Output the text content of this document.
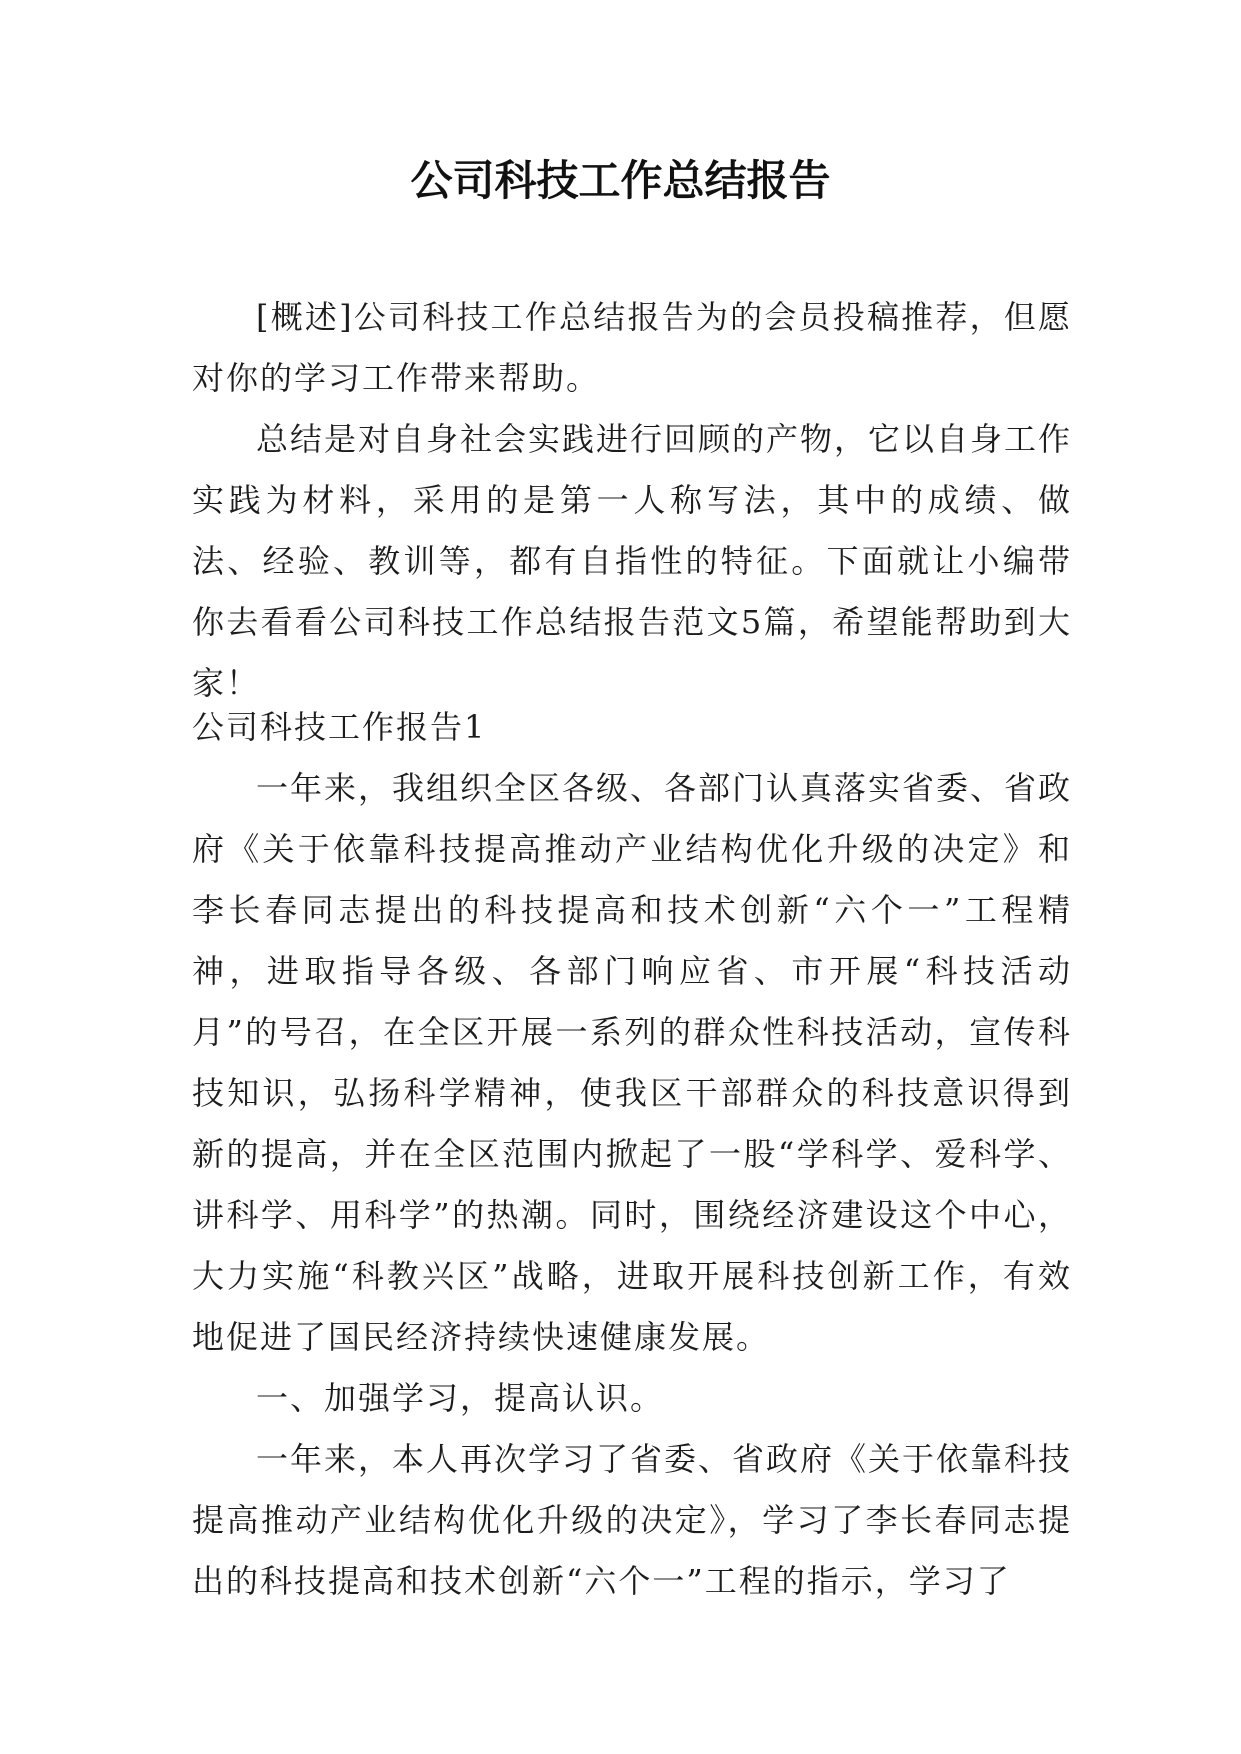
公司科技工作总结报告

[概述]公司科技工作总结报告为的会员投稿推荐，但愿对你的学习工作带来帮助。

总结是对自身社会实践进行回顾的产物，它以自身工作实践为材料，采用的是第一人称写法，其中的成绩、做法、经验、教训等，都有自指性的特征。下面就让小编带你去看看公司科技工作总结报告范文5篇，希望能帮助到大家！

公司科技工作报告1

一年来，我组织全区各级、各部门认真落实省委、省政府《关于依靠科技提高推动产业结构优化升级的决定》和李长春同志提出的科技提高和技术创新“六个一”工程精神，进取指导各级、各部门响应省、市开展“科技活动月”的号召，在全区开展一系列的群众性科技活动，宣传科技知识，弘扬科学精神，使我区干部群众的科技意识得到新的提高，并在全区范围内掀起了一股“学科学、爱科学、讲科学、用科学”的热潮。同时，围绕经济建设这个中心，大力实施“科教兴区”战略，进取开展科技创新工作，有效地促进了国民经济持续快速健康发展。

一、加强学习，提高认识。

一年来，本人再次学习了省委、省政府《关于依靠科技提高推动产业结构优化升级的决定》，学习了李长春同志提出的科技提高和技术创新“六个一”工程的指示，学习了
